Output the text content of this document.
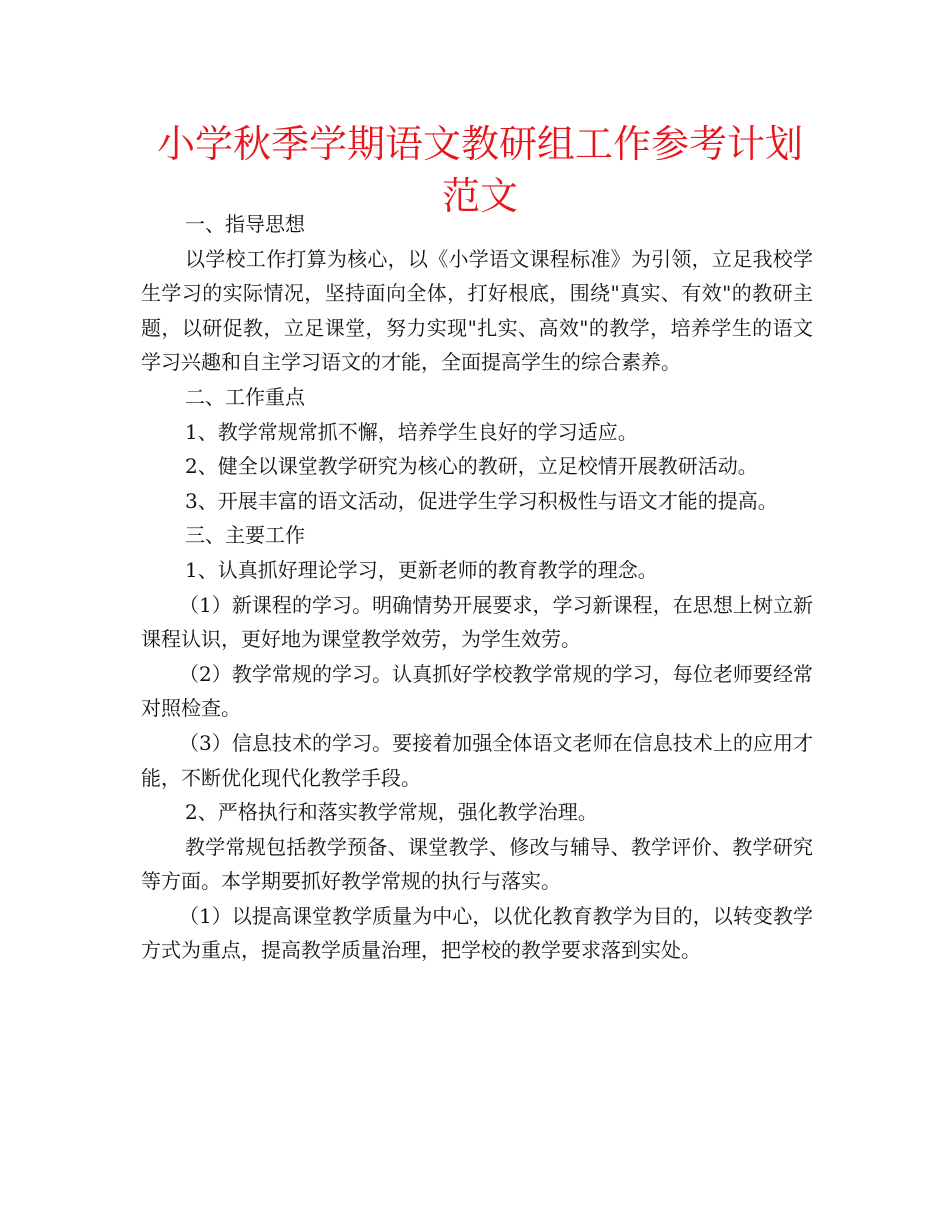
小学秋季学期语文教研组工作参考计划范文

一、指导思想

以学校工作打算为核心，以《小学语文课程标准》为引领，立足我校学生学习的实际情况，坚持面向全体，打好根底，围绕"真实、有效"的教研主题，以研促教，立足课堂，努力实现"扎实、高效"的教学，培养学生的语文学习兴趣和自主学习语文的才能，全面提高学生的综合素养。

二、工作重点

1、教学常规常抓不懈，培养学生良好的学习适应。

2、健全以课堂教学研究为核心的教研，立足校情开展教研活动。

3、开展丰富的语文活动，促进学生学习积极性与语文才能的提高。

三、主要工作

1、认真抓好理论学习，更新老师的教育教学的理念。

（1）新课程的学习。明确情势开展要求，学习新课程，在思想上树立新课程认识，更好地为课堂教学效劳，为学生效劳。

（2）教学常规的学习。认真抓好学校教学常规的学习，每位老师要经常对照检查。

（3）信息技术的学习。要接着加强全体语文老师在信息技术上的应用才能，不断优化现代化教学手段。

2、严格执行和落实教学常规，强化教学治理。

教学常规包括教学预备、课堂教学、修改与辅导、教学评价、教学研究等方面。本学期要抓好教学常规的执行与落实。

（1）以提高课堂教学质量为中心，以优化教育教学为目的，以转变教学方式为重点，提高教学质量治理，把学校的教学要求落到实处。
